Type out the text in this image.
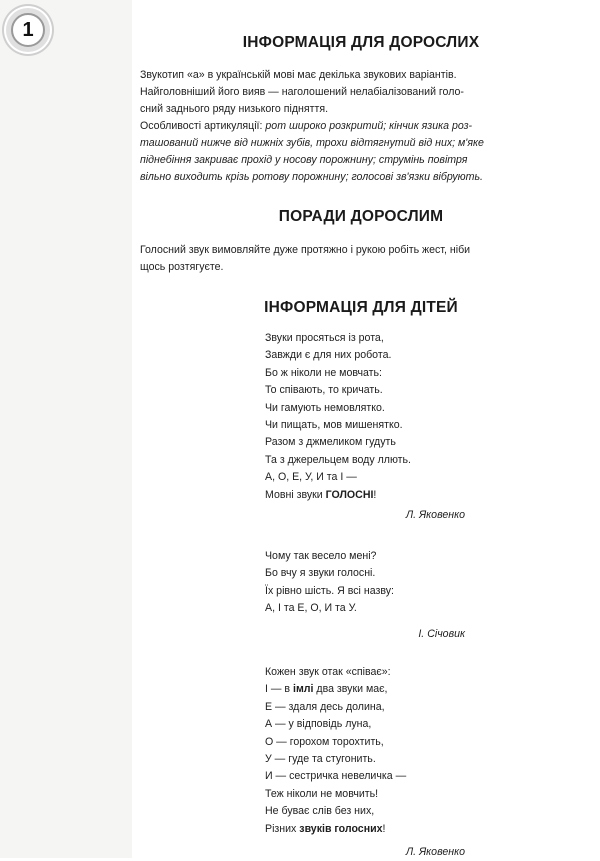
1
ІНФОРМАЦІЯ ДЛЯ ДОРОСЛИХ
Звукотип «а» в українській мові має декілька звукових варіантів.
Найголовніший його вияв — наголошений нелабіалізований голо-
сний заднього ряду низького підняття.
Особливості артикуляції: рот широко розкритий; кінчик язика роз-
ташований нижче від нижніх зубів, трохи відтягнутий від них; м'яке
піднебіння закриває прохід у носову порожнину; струмінь повітря
вільно виходить крізь ротову порожнину; голосові зв'язки вібрують.
ПОРАДИ ДОРОСЛИМ
Голосний звук вимовляйте дуже протяжно і рукою робіть жест, ніби
щось розтягуєте.
ІНФОРМАЦІЯ ДЛЯ ДІТЕЙ
Звуки просяться із рота,
Завжди є для них робота.
Бо ж ніколи не мовчать:
То співають, то кричать.
Чи гамують немовлятко.
Чи пищать, мов мишенятко.
Разом з джмеликом гудуть
Та з джерельцем воду ллють.
А, О, Е, У, И та І —
Мовні звуки ГОЛОСНІ!
Л. Яковенко
Чому так весело мені?
Бо вчу я звуки голосні.
Їх рівно шість. Я всі назву:
А, І та Е, О, И та У.
І. Січовик
Кожен звук отак «співає»:
І — в імлі два звуки має,
Е — здаля десь долина,
А — у відповідь луна,
О — горохом торохтить,
У — гуде та стугонить.
И — сестричка невеличка —
Теж ніколи не мовчить!
Не буває слів без них,
Різних звуків голосних!
Л. Яковенко
